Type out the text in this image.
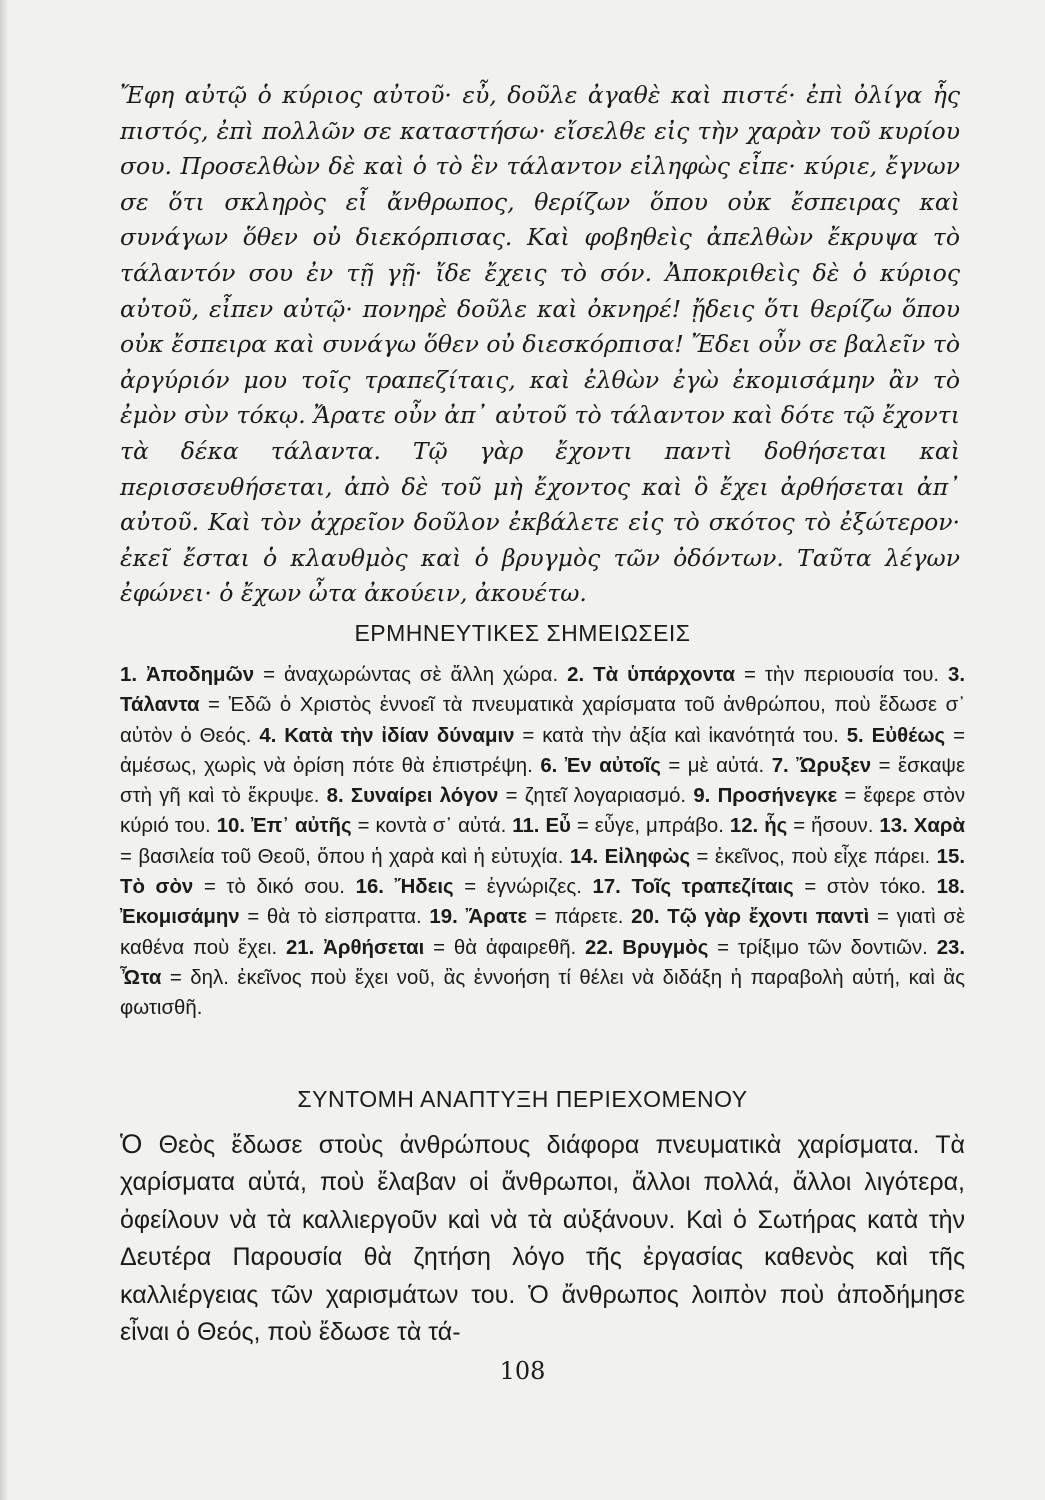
Ἔφη αὐτῷ ὁ κύριος αὐτοῦ· εὖ, δοῦλε ἀγαθὲ καὶ πιστέ· ἐπὶ ὀλίγα ἧς πιστός, ἐπὶ πολλῶν σε καταστήσω· εἴσελθε εἰς τὴν χαρὰν τοῦ κυρίου σου. Προσελθὼν δὲ καὶ ὁ τὸ ἓν τάλαντον εἰληφὼς εἶπε· κύριε, ἔγνων σε ὅτι σκληρὸς εἶ ἄνθρωπος, θερίζων ὅπου οὐκ ἔσπειρας καὶ συνάγων ὅθεν οὐ διεκόρπισας. Καὶ φοβηθεὶς ἀπελθὼν ἔκρυψα τὸ τάλαντόν σου ἐν τῇ γῇ· ἴδε ἔχεις τὸ σόν. Ἀποκριθεὶς δὲ ὁ κύριος αὐτοῦ, εἶπεν αὐτῷ· πονηρὲ δοῦλε καὶ ὀκνηρέ! ᾔδεις ὅτι θερίζω ὅπου οὐκ ἔσπειρα καὶ συνάγω ὅθεν οὐ διεσκόρπισα! Ἔδει οὖν σε βαλεῖν τὸ ἀργύριόν μου τοῖς τραπεζίταις, καὶ ἐλθὼν ἐγὼ ἐκομισάμην ἂν τὸ ἐμὸν σὺν τόκῳ. Ἄρατε οὖν ἀπ᾽ αὐτοῦ τὸ τάλαντον καὶ δότε τῷ ἔχοντι τὰ δέκα τάλαντα. Τῷ γὰρ ἔχοντι παντὶ δοθήσεται καὶ περισσευθήσεται, ἀπὸ δὲ τοῦ μὴ ἔχοντος καὶ ὃ ἔχει ἀρθήσεται ἀπ᾽ αὐτοῦ. Καὶ τὸν ἀχρεῖον δοῦλον ἐκβάλετε εἰς τὸ σκότος τὸ ἐξώτερον· ἐκεῖ ἔσται ὁ κλαυθμὸς καὶ ὁ βρυγμὸς τῶν ὀδόντων. Ταῦτα λέγων ἐφώνει· ὁ ἔχων ὦτα ἀκούειν, ἀκουέτω.

ΕΡΜΗΝΕΥΤΙΚΕΣ ΣΗΜΕΙΩΣΕΙΣ
1. Ἀποδημῶν = ἀναχωρώντας σὲ ἄλλη χώρα. 2. Τὰ ὑπάρχοντα = τὴν περιουσία του. 3. Τάλαντα = Ἐδῶ ὁ Χριστὸς ἐννοεῖ τὰ πνευματικὰ χαρίσματα τοῦ ἀνθρώπου, ποὺ ἔδωσε σ᾽ αὐτὸν ὁ Θεός. 4. Κατὰ τὴν ἰδίαν δύναμιν = κατὰ τὴν ἀξία καὶ ἱκανότητά του. 5. Εὐθέως = ἀμέσως, χωρὶς νὰ ὁρίση πότε θὰ ἐπιστρέψη. 6. Ἐν αὐτοῖς = μὲ αὐτά. 7. Ὤρυξεν = ἔσκαψε στὴ γῆ καὶ τὸ ἔκρυψε. 8. Συναίρει λόγον = ζητεῖ λογαριασμό. 9. Προσήνεγκε = ἔφερε στὸν κύριό του. 10. Ἐπ᾽ αὐτῆς = κοντὰ σ᾽ αὐτά. 11. Εὖ = εὖγε, μπράβο. 12. ἧς = ἤσουν. 13. Χαρὰ = βασιλεία τοῦ Θεοῦ, ὅπου ἡ χαρὰ καὶ ἡ εὐτυχία. 14. Εἰληφὼς = ἐκεῖνος, ποὺ εἶχε πάρει. 15. Τὸ σὸν = τὸ δικό σου. 16. Ἤδεις = ἐγνώριζες. 17. Τοῖς τραπεζίταις = στὸν τόκο. 18. Ἐκομισάμην = θὰ τὸ εἰσπραττα. 19. Ἄρατε = πάρετε. 20. Τῷ γὰρ ἔχοντι παντὶ = γιατὶ σὲ καθένα ποὺ ἔχει. 21. Ἀρθήσεται = θὰ ἀφαιρεθῆ. 22. Βρυγμὸς = τρίξιμο τῶν δοντιῶν. 23. Ὦτα = δηλ. ἐκεῖνος ποὺ ἔχει νοῦ, ἂς ἐννοήση τί θέλει νὰ διδάξη ἡ παραβολὴ αὐτή, καὶ ἂς φωτισθῆ.
ΣΥΝΤΟΜΗ ΑΝΑΠΤΥΞΗ ΠΕΡΙΕΧΟΜΕΝΟΥ

Ὁ Θεὸς ἔδωσε στοὺς ἀνθρώπους διάφορα πνευματικὰ χαρίσματα. Τὰ χαρίσματα αὐτά, ποὺ ἔλαβαν οἱ ἄνθρωποι, ἄλλοι πολλά, ἄλλοι λιγότερα, ὀφείλουν νὰ τὰ καλλιεργοῦν καὶ νὰ τὰ αὐξάνουν. Καὶ ὁ Σωτήρας κατὰ τὴν Δευτέρα Παρουσία θὰ ζητήση λόγο τῆς ἐργασίας καθενὸς καὶ τῆς καλλιέργειας τῶν χαρισμάτων του. Ὁ ἄνθρωπος λοιπὸν ποὺ ἀποδήμησε εἶναι ὁ Θεός, ποὺ ἔδωσε τὰ τά-

108
